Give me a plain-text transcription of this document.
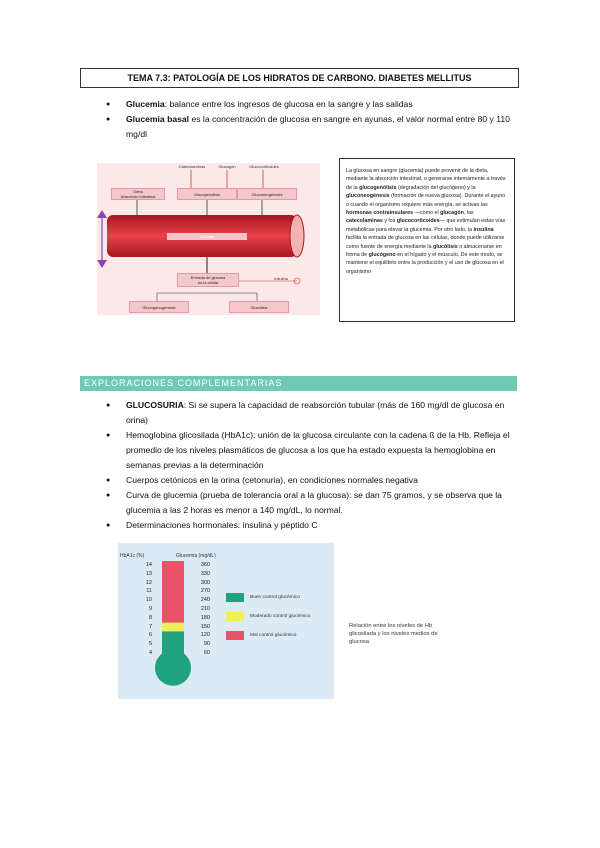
TEMA 7.3: PATOLOGÍA DE LOS HIDRATOS DE CARBONO. DIABETES MELLITUS
● Glucemia: balance entre los ingresos de glucosa en la sangre y las salidas
● Glucemia basal es la concentración de glucosa en sangre en ayunas, el valor normal entre 80 y 110 mg/dl
Catecolaminas	Glucagón	Glucocorticoides
Dieta
Absorción intestinal	Glucogenólisis	Gluconeogénesis
Glucosa
Entrada de glucosa
en la célula
Insulina
Glucogenogénesis	Glucólisis
La glucosa en sangre (glucemia) puede provenir de la dieta, mediante la absorción intestinal, o generarse internamente a través de la glucogenólisis (degradación del glucógeno) y la gluconeogénesis (formación de nueva glucosa). Durante el ayuno o cuando el organismo requiere más energía, se activan las hormonas contrainsulares —como el glucagón, las catecolaminas y los glucocorticoides— que estimulan estas vías metabólicas para elevar la glucemia. Por otro lado, la insulina facilita la entrada de glucosa en las células, donde puede utilizarse como fuente de energía mediante la glucólisis o almacenarse en forma de glucógeno en el hígado y el músculo. De este modo, se mantiene el equilibrio entre la producción y el uso de glucosa en el organismo
EXPLORACIONES COMPLEMENTARIAS
● GLUCOSURIA: Si se supera la capacidad de reabsorción tubular (más de 160 mg/dl de glucosa en orina)
● Hemoglobina glicosilada (HbA1c): unión de la glucosa circulante con la cadena ß de la Hb. Refleja el promedio de los niveles plasmáticos de glucosa a los que ha estado expuesta la hemoglobina en semanas previas a la determinación
● Cuerpos cetónicos en la orina (cetonuria), en condiciones normales negativa
● Curva de glucemia (prueba de tolerancia oral a la glucosa): se dan 75 gramos, y se observa que la glucemia a las 2 horas es menor a 140 mg/dL, lo normal.
● Determinaciones hormonales: insulina y péptido C
HbA1c (%)	Glucemia (mg/dL)
14	360
13	330
12	300
11	270
10	240
9	210
8	180
7	150
6	120
5	90
4	60
Buen control glucémico
Moderado control glucémico
Mal control glucémico
Relación entre los niveles de Hb glicosilada y los niveles medios de glucosa.
